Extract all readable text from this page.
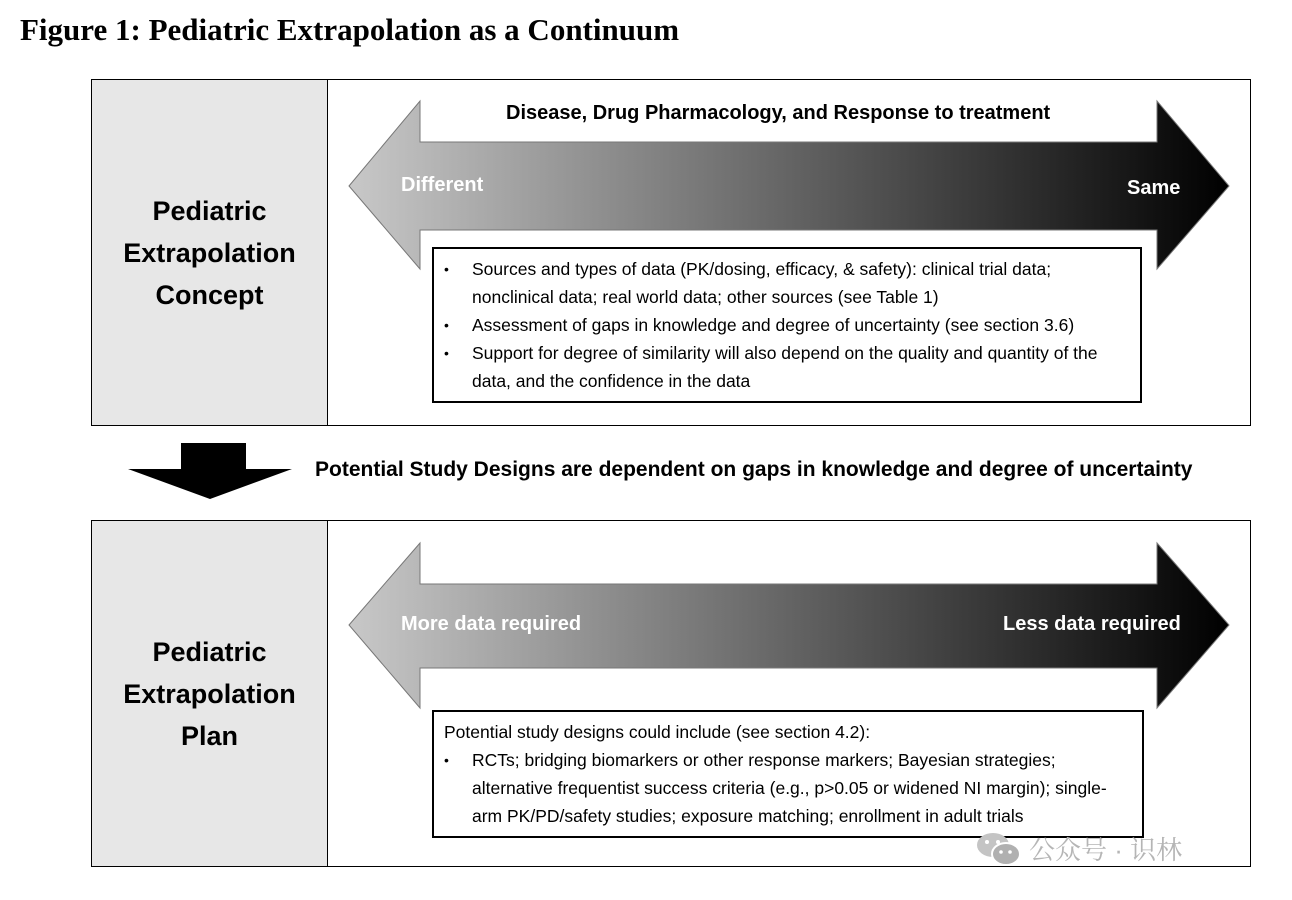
Figure 1: Pediatric Extrapolation as a Continuum
Pediatric
Extrapolation
Concept
Disease, Drug Pharmacology, and Response to treatment
Different	Same
• Sources and types of data (PK/dosing, efficacy, & safety): clinical trial data; nonclinical data; real world data; other sources (see Table 1)
• Assessment of gaps in knowledge and degree of uncertainty (see section 3.6)
• Support for degree of similarity will also depend on the quality and quantity of the data, and the confidence in the data
Potential Study Designs are dependent on gaps in knowledge and degree of uncertainty
Pediatric
Extrapolation
Plan
More data required	Less data required
Potential study designs could include (see section 4.2):
• RCTs; bridging biomarkers or other response markers; Bayesian strategies; alternative frequentist success criteria (e.g., p>0.05 or widened NI margin); single-arm PK/PD/safety studies; exposure matching; enrollment in adult trials
公众号 · 识林
